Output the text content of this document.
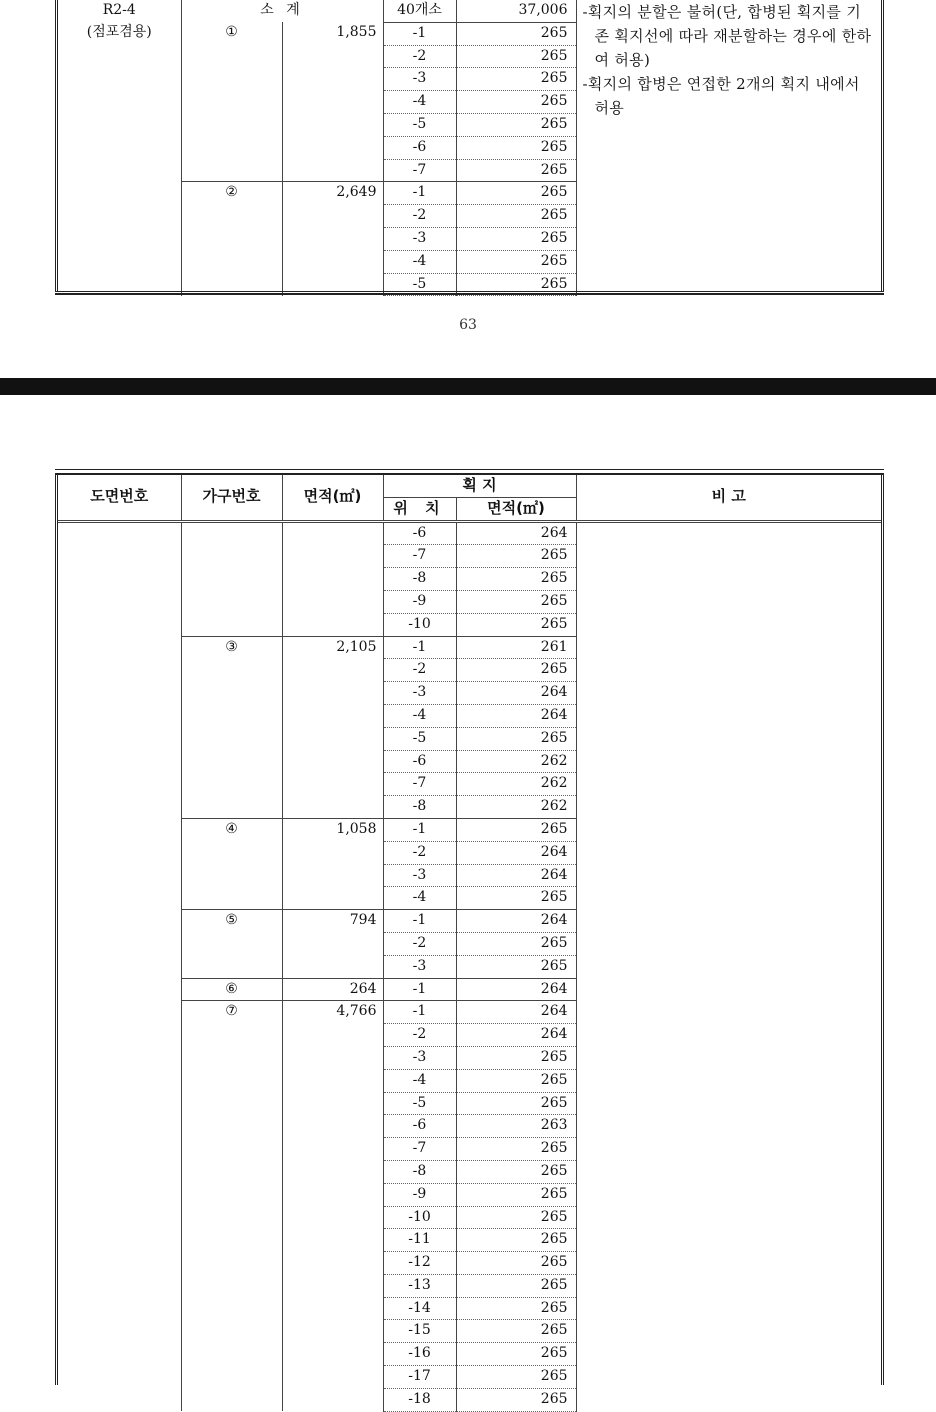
R2-4	소 계		40개소	37,006	-획지의 분할은 불허(단, 합병된 획지를 기존 획지선에 따라 재분할하는 경우에 한하여 허용)
-획지의 합병은 연접한 2개의 획지 내에서 허용

(점포겸용)	①	1,855	-1	265	
			-2	265	
			-3	265	
			-4	265	
			-5	265	
			-6	265	
			-7	265	
	②	2,649	-1	265	
			-2	265	
			-3	265	
			-4	265	
			-5	265	
63
도면번호	가구번호	면적(㎡)	획 지		비 고
			위 치	면적(㎡)	
			-6	264	
			-7	265	
			-8	265	
			-9	265	
			-10	265	
	③	2,105	-1	261	
			-2	265	
			-3	264	
			-4	264	
			-5	265	
			-6	262	
			-7	262	
			-8	262	
	④	1,058	-1	265	
			-2	264	
			-3	264	
			-4	265	
	⑤	794	-1	264	
			-2	265	
			-3	265	
	⑥	264	-1	264	
	⑦	4,766	-1	264	
			-2	264	
			-3	265	
			-4	265	
			-5	265	
			-6	263	
			-7	265	
			-8	265	
			-9	265	
			-10	265	
			-11	265	
			-12	265	
			-13	265	
			-14	265	
			-15	265	
			-16	265	
			-17	265	
			-18	265	
